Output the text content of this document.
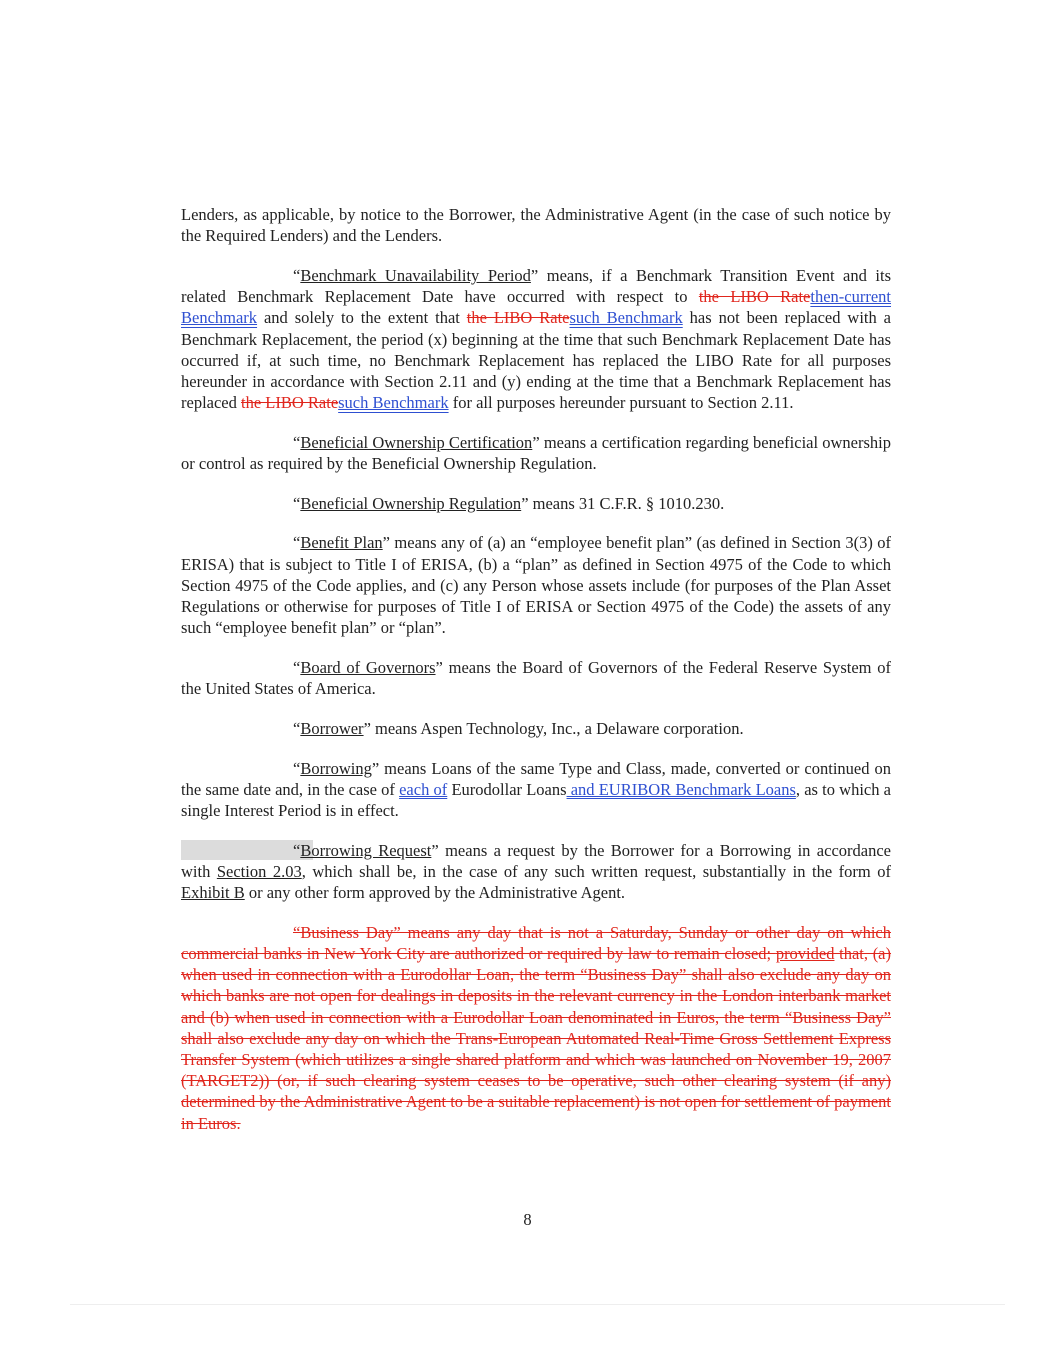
Lenders, as applicable, by notice to the Borrower, the Administrative Agent (in the case of such notice by the Required Lenders) and the Lenders.

“Benchmark Unavailability Period” means, if a Benchmark Transition Event and its related Benchmark Replacement Date have occurred with respect to the LIBO Ratethen-current Benchmark and solely to the extent that the LIBO Ratesuch Benchmark has not been replaced with a Benchmark Replacement, the period (x) beginning at the time that such Benchmark Replacement Date has occurred if, at such time, no Benchmark Replacement has replaced the LIBO Rate for all purposes hereunder in accordance with Section 2.11 and (y) ending at the time that a Benchmark Replacement has replaced the LIBO Ratesuch Benchmark for all purposes hereunder pursuant to Section 2.11.

“Beneficial Ownership Certification” means a certification regarding beneficial ownership or control as required by the Beneficial Ownership Regulation.

“Beneficial Ownership Regulation” means 31 C.F.R. § 1010.230.

“Benefit Plan” means any of (a) an “employee benefit plan” (as defined in Section 3(3) of ERISA) that is subject to Title I of ERISA, (b) a “plan” as defined in Section 4975 of the Code to which Section 4975 of the Code applies, and (c) any Person whose assets include (for purposes of the Plan Asset Regulations or otherwise for purposes of Title I of ERISA or Section 4975 of the Code) the assets of any such “employee benefit plan” or “plan”.

“Board of Governors” means the Board of Governors of the Federal Reserve System of the United States of America.

“Borrower” means Aspen Technology, Inc., a Delaware corporation.

“Borrowing” means Loans of the same Type and Class, made, converted or continued on the same date and, in the case of each of Eurodollar Loans and EURIBOR Benchmark Loans, as to which a single Interest Period is in effect.

“Borrowing Request” means a request by the Borrower for a Borrowing in accordance with Section 2.03, which shall be, in the case of any such written request, substantially in the form of Exhibit B or any other form approved by the Administrative Agent.

“Business Day” means any day that is not a Saturday, Sunday or other day on which commercial banks in New York City are authorized or required by law to remain closed; provided that, (a) when used in connection with a Eurodollar Loan, the term “Business Day” shall also exclude any day on which banks are not open for dealings in deposits in the relevant currency in the London interbank market and (b) when used in connection with a Eurodollar Loan denominated in Euros, the term “Business Day” shall also exclude any day on which the Trans-European Automated Real-Time Gross Settlement Express Transfer System (which utilizes a single shared platform and which was launched on November 19, 2007 (TARGET2)) (or, if such clearing system ceases to be operative, such other clearing system (if any) determined by the Administrative Agent to be a suitable replacement) is not open for settlement of payment in Euros.

8
